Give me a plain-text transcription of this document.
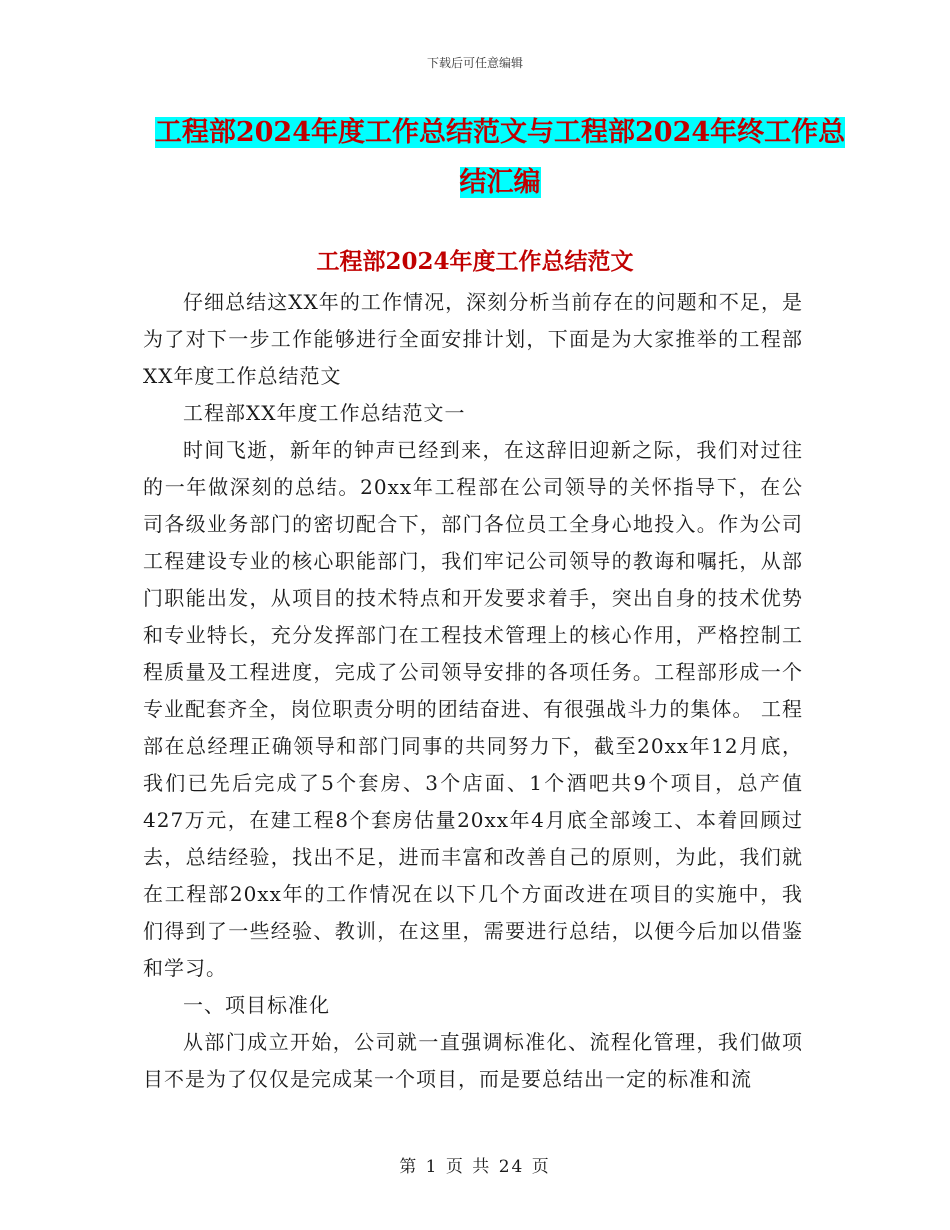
下载后可任意编辑
工程部2024年度工作总结范文与工程部2024年终工作总结汇编
工程部2024年度工作总结范文

仔细总结这XX年的工作情况，深刻分析当前存在的问题和不足，是为了对下一步工作能够进行全面安排计划，下面是为大家推举的工程部XX年度工作总结范文

工程部XX年度工作总结范文一

时间飞逝，新年的钟声已经到来，在这辞旧迎新之际，我们对过往的一年做深刻的总结。20xx年工程部在公司领导的关怀指导下，在公司各级业务部门的密切配合下，部门各位员工全身心地投入。作为公司工程建设专业的核心职能部门，我们牢记公司领导的教诲和嘱托，从部门职能出发，从项目的技术特点和开发要求着手，突出自身的技术优势和专业特长，充分发挥部门在工程技术管理上的核心作用，严格控制工程质量及工程进度，完成了公司领导安排的各项任务。工程部形成一个专业配套齐全，岗位职责分明的团结奋进、有很强战斗力的集体。 工程部在总经理正确领导和部门同事的共同努力下，截至20xx年12月底，我们已先后完成了5个套房、3个店面、1个酒吧共9个项目，总产值427万元，在建工程8个套房估量20xx年4月底全部竣工、本着回顾过去，总结经验，找出不足，进而丰富和改善自己的原则，为此，我们就在工程部20xx年的工作情况在以下几个方面改进在项目的实施中，我们得到了一些经验、教训，在这里，需要进行总结，以便今后加以借鉴和学习。

一、项目标准化

从部门成立开始，公司就一直强调标准化、流程化管理，我们做项目不是为了仅仅是完成某一个项目，而是要总结出一定的标准和流

第 1 页 共 24 页
